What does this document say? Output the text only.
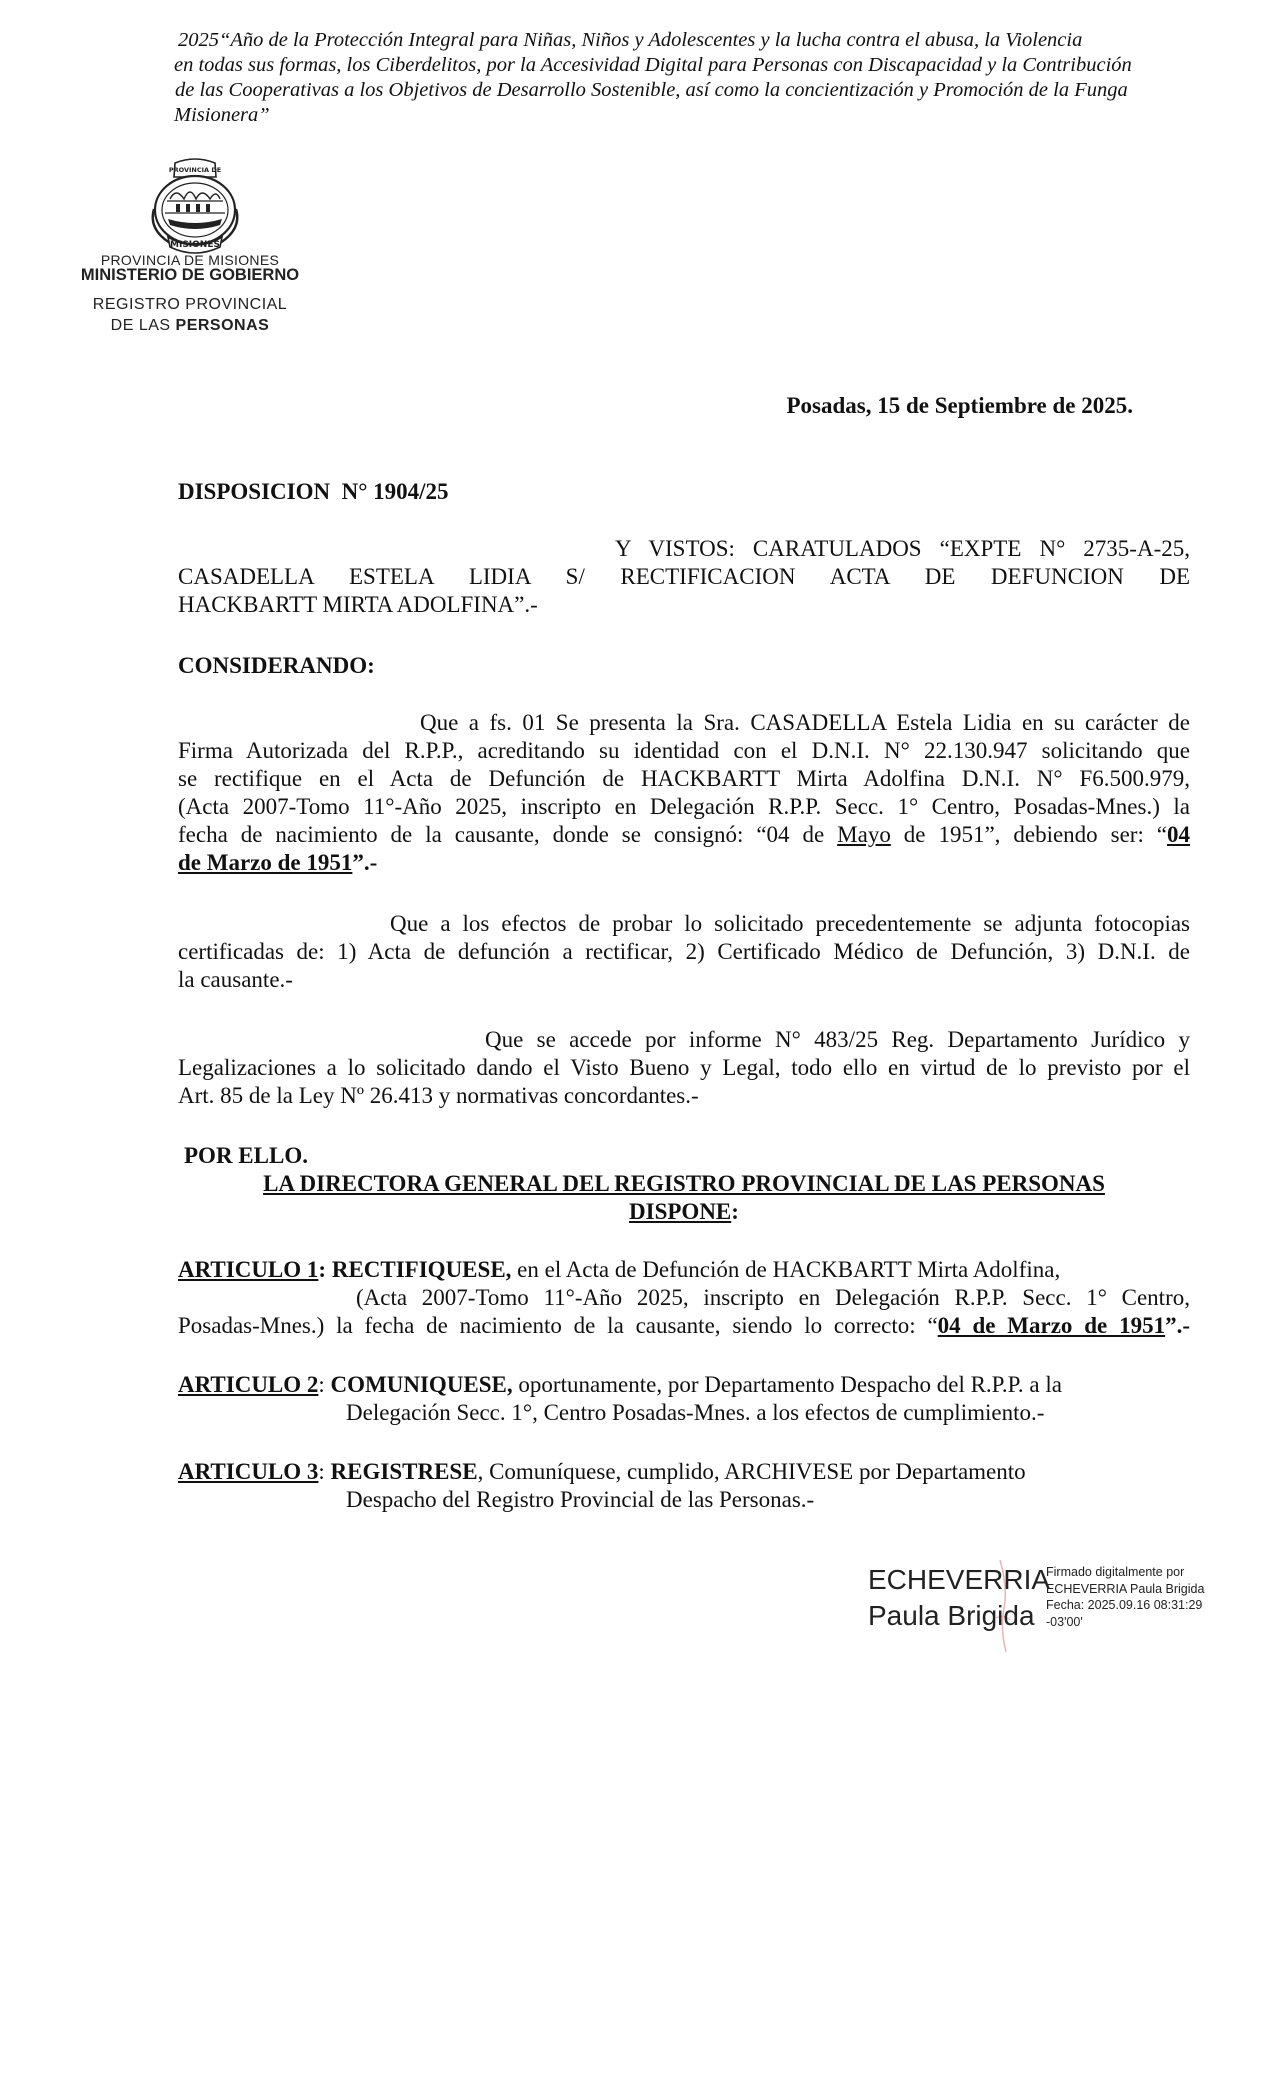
2025“Año de la Protección Integral para Niñas, Niños y Adolescentes y la lucha contra el abusa, la Violencia
en todas sus formas, los Ciberdelitos, por la Accesividad Digital para Personas con Discapacidad y la Contribución
de las Cooperativas a los Objetivos de Desarrollo Sostenible, así como la concientización y Promoción de la Funga
Misionera”
PROVINCIA DE
MISIONES
PROVINCIA DE MISIONES
MINISTERIO DE GOBIERNO
REGISTRO PROVINCIAL
DE LAS PERSONAS
Posadas, 15 de Septiembre de 2025.
DISPOSICION  N° 1904/25
Y VISTOS: CARATULADOS “EXPTE N° 2735-A-25,
CASADELLA ESTELA LIDIA S/ RECTIFICACION ACTA DE DEFUNCION DE
HACKBARTT MIRTA ADOLFINA”.-
CONSIDERANDO:
Que a fs. 01 Se presenta la Sra. CASADELLA Estela Lidia en su carácter de
Firma Autorizada del R.P.P., acreditando su identidad con el D.N.I. N° 22.130.947 solicitando que
se rectifique en el Acta de Defunción de HACKBARTT Mirta Adolfina D.N.I. N° F6.500.979,
(Acta 2007-Tomo 11°-Año 2025, inscripto en Delegación R.P.P. Secc. 1° Centro, Posadas-Mnes.) la
fecha de nacimiento de la causante, donde se consignó: “04 de Mayo de 1951”, debiendo ser: “04
de Marzo de 1951”.-
Que a los efectos de probar lo solicitado precedentemente se adjunta fotocopias
certificadas de: 1) Acta de defunción a rectificar, 2) Certificado Médico de Defunción, 3) D.N.I. de
la causante.-
Que se accede por informe N° 483/25 Reg. Departamento Jurídico y
Legalizaciones a lo solicitado dando el Visto Bueno y Legal, todo ello en virtud de lo previsto por el
Art. 85 de la Ley Nº 26.413 y normativas concordantes.-
POR ELLO.
LA DIRECTORA GENERAL DEL REGISTRO PROVINCIAL DE LAS PERSONAS
DISPONE:
ARTICULO 1: RECTIFIQUESE, en el Acta de Defunción de HACKBARTT Mirta Adolfina,
(Acta 2007-Tomo 11°-Año 2025, inscripto en Delegación R.P.P. Secc. 1° Centro,
Posadas-Mnes.) la fecha de nacimiento de la causante, siendo lo correcto: “04 de Marzo de 1951”.-
ARTICULO 2: COMUNIQUESE, oportunamente, por Departamento Despacho del R.P.P. a la
Delegación Secc. 1°, Centro Posadas-Mnes. a los efectos de cumplimiento.-
ARTICULO 3: REGISTRESE, Comuníquese, cumplido, ARCHIVESE por Departamento
Despacho del Registro Provincial de las Personas.-
ECHEVERRIA
Paula Brigida
Firmado digitalmente por
ECHEVERRIA Paula Brigida
Fecha: 2025.09.16 08:31:29
-03'00'
